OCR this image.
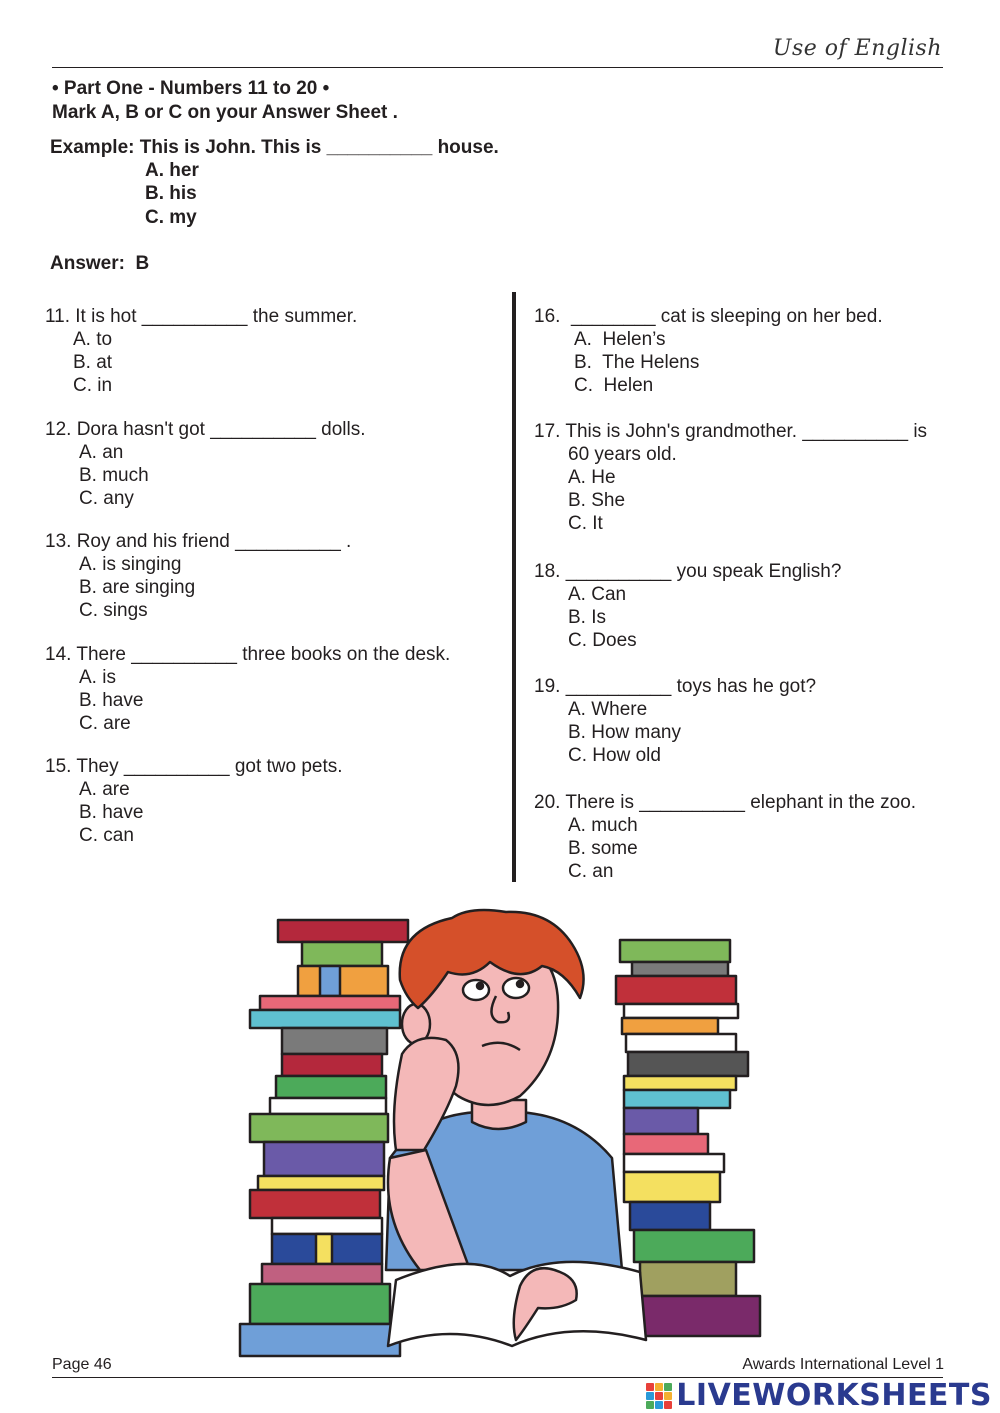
Use of English
• Part One - Numbers 11 to 20 •
Mark A, B or C on your Answer Sheet .
Example: This is John. This is __________ house.
A. her
B. his
C. my
Answer:  B
11. It is hot __________ the summer.
A. to
B. at
C. in
12. Dora hasn't got __________ dolls.
A. an
B. much
C. any
13. Roy and his friend __________ .
A. is singing
B. are singing
C. sings
14. There __________ three books on the desk.
A. is
B. have
C. are
15. They __________ got two pets.
A. are
B. have
C. can
16.  ________ cat is sleeping on her bed.
A.  Helen’s
B.  The Helens
C.  Helen
17. This is John's grandmother. __________ is
60 years old.
A. He
B. She
C. It
18. __________ you speak English?
A. Can
B. Is
C. Does
19. __________ toys has he got?
A. Where
B. How many
C. How old
20. There is __________ elephant in the zoo.
A. much
B. some
C. an
Page 46	Awards International Level 1
LIVEWORKSHEETS
